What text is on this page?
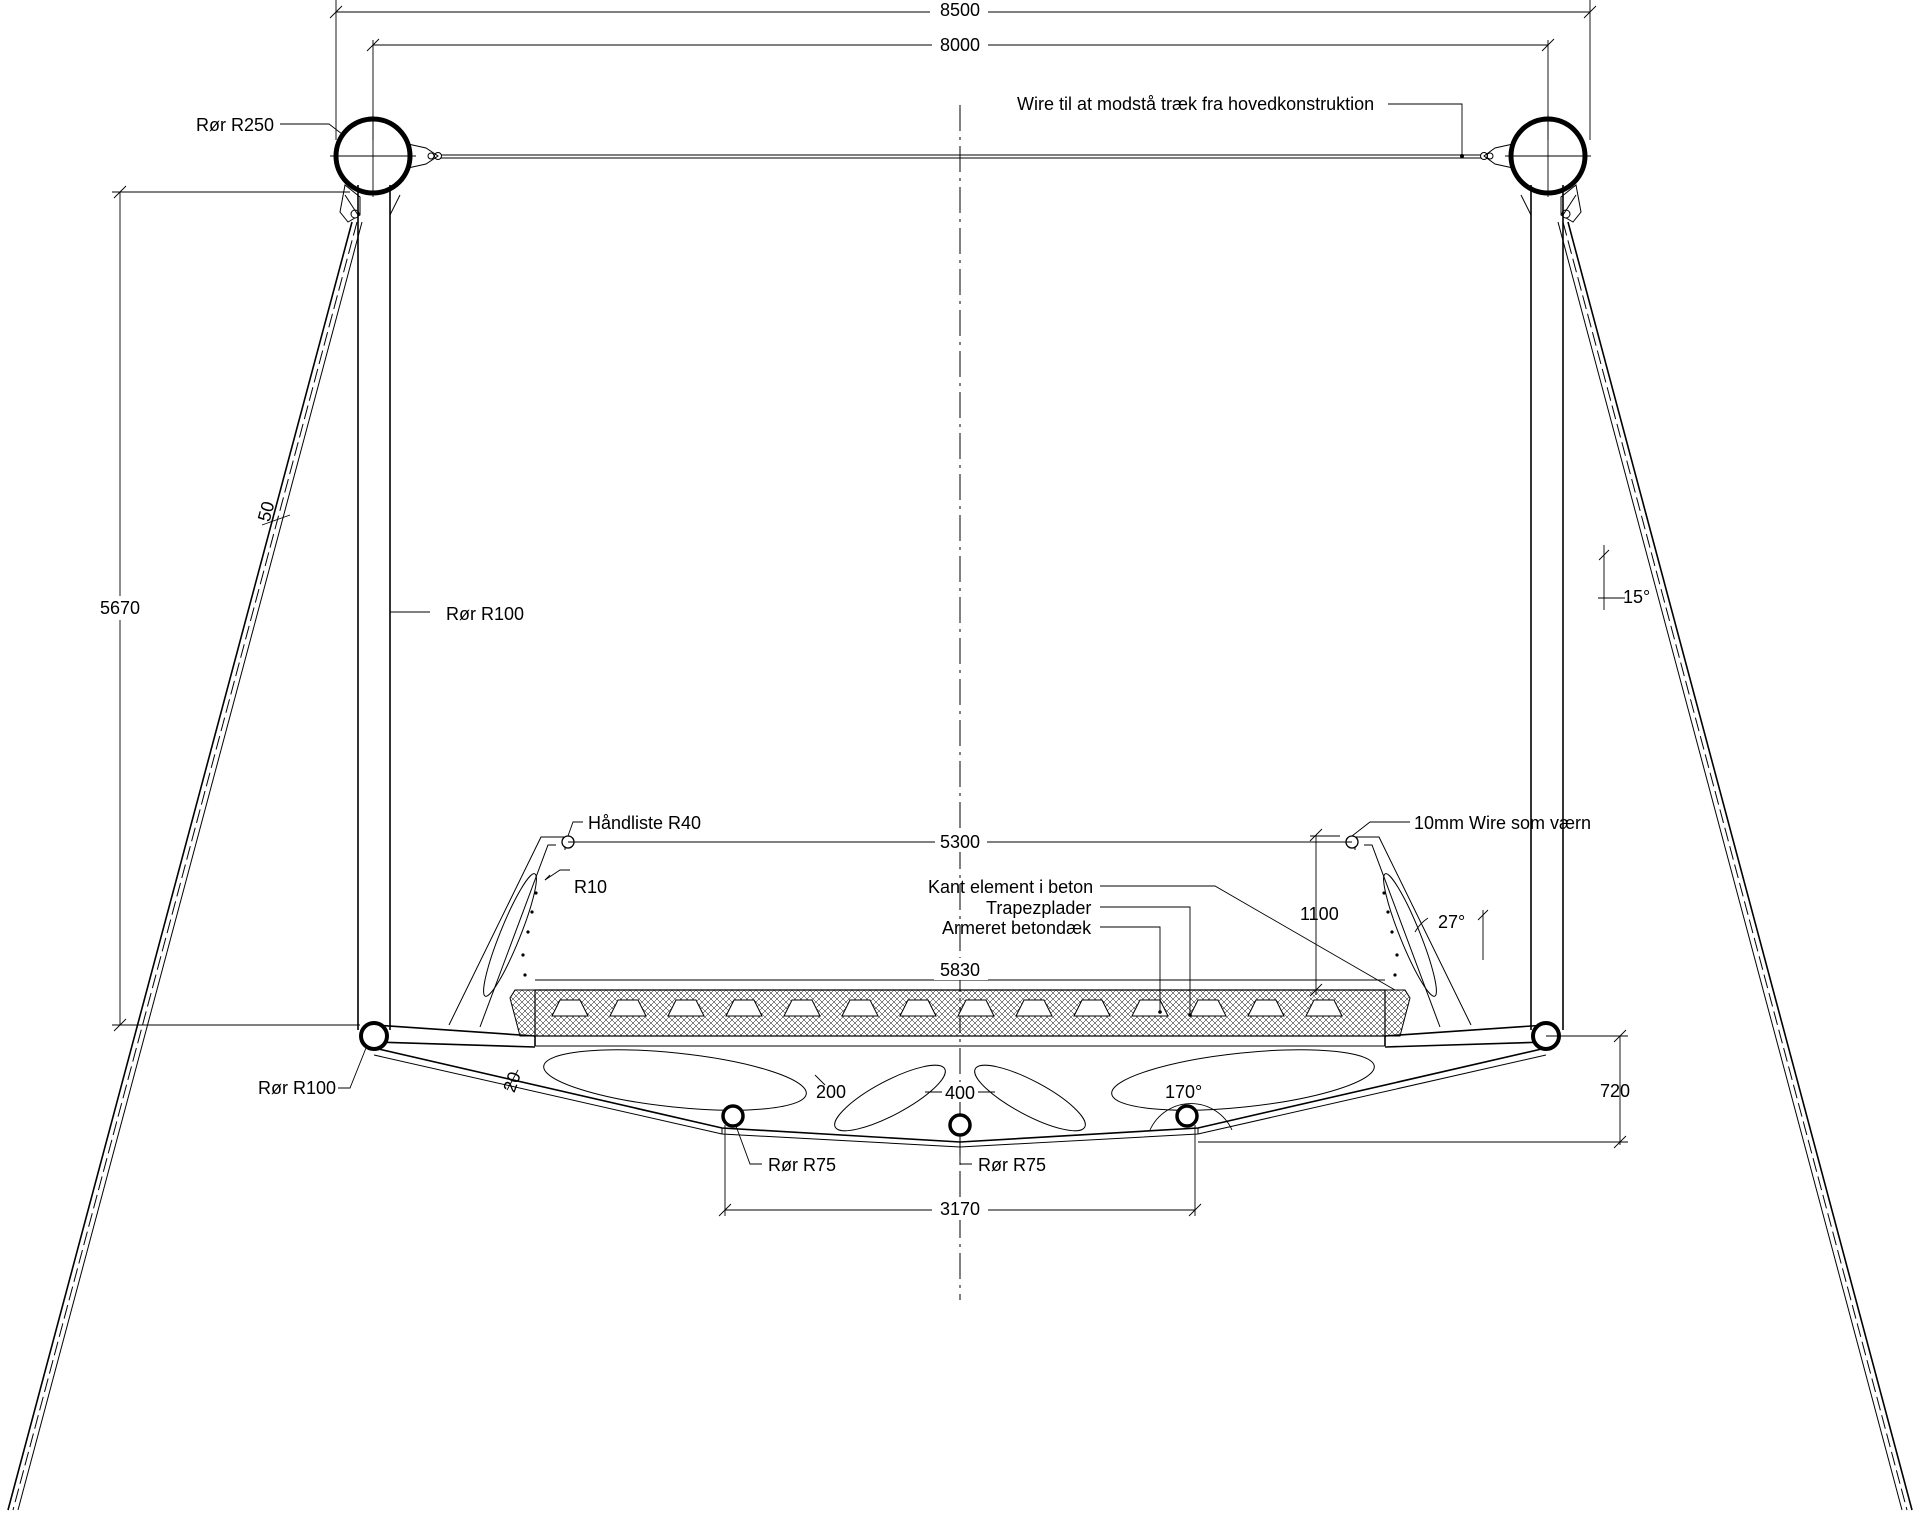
8500
8000
Wire til at modstå træk fra hovedkonstruktion
Rør R250
Rør R100
50
15°
5670
5300
5830
1100	27°
Håndliste R40
R10
10mm Wire som værn
Kant element i beton
Trapezplader
Armeret betondæk
Rør R100
Rør R75	Rør R75
200	400	170°
20	720
3170
